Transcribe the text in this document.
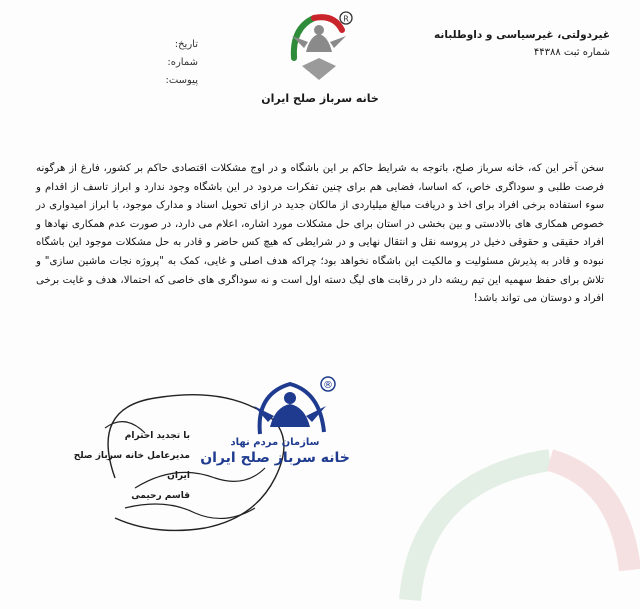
غیردولتی، غیرسیاسی و داوطلبانه
شماره ثبت ۴۴۳۸۸
تاریخ:
شماره:
پیوست:
R
خانه سرباز صلح ایران

سخن آخر این که، خانه سرباز صلح، باتوجه به شرایط حاکم بر این باشگاه و در اوج مشکلات اقتصادی حاکم بر کشور، فارغ از هرگونه فرصت طلبی و سوداگری خاص، که اساسا، فضایی هم برای چنین تفکرات مردود در این باشگاه وجود ندارد و ابراز تاسف از اقدام و سوء استفاده برخی افراد برای اخذ و دریافت مبالغ میلیاردی از مالکان جدید در ازای تحویل اسناد و مدارک موجود، با ابراز امیدواری در خصوص همکاری های بالادستی و بین بخشی در استان برای حل مشکلات مورد اشاره، اعلام می دارد، در صورت عدم همکاری نهادها و افراد حقیقی و حقوقی دخیل در پروسه نقل و انتقال نهایی و در شرایطی که هیچ کس حاضر و قادر به حل مشکلات موجود این باشگاه نبوده و قادر به پذیرش مسئولیت و مالکیت این باشگاه نخواهد بود؛ چراکه هدف اصلی و غایی، کمک به "پروژه نجات ماشین سازی" و تلاش برای حفظ سهمیه این تیم ریشه دار در رقابت های لیگ دسته اول است و نه سوداگری های خاصی که احتمالا، هدف و غایت برخی افراد و دوستان می تواند باشد!

با تجدید احترام
مدیرعامل خانه سرباز صلح ایران
قاسم رحیمی
®
سازمان مردم نهاد
خانه سرباز صلح ایران
